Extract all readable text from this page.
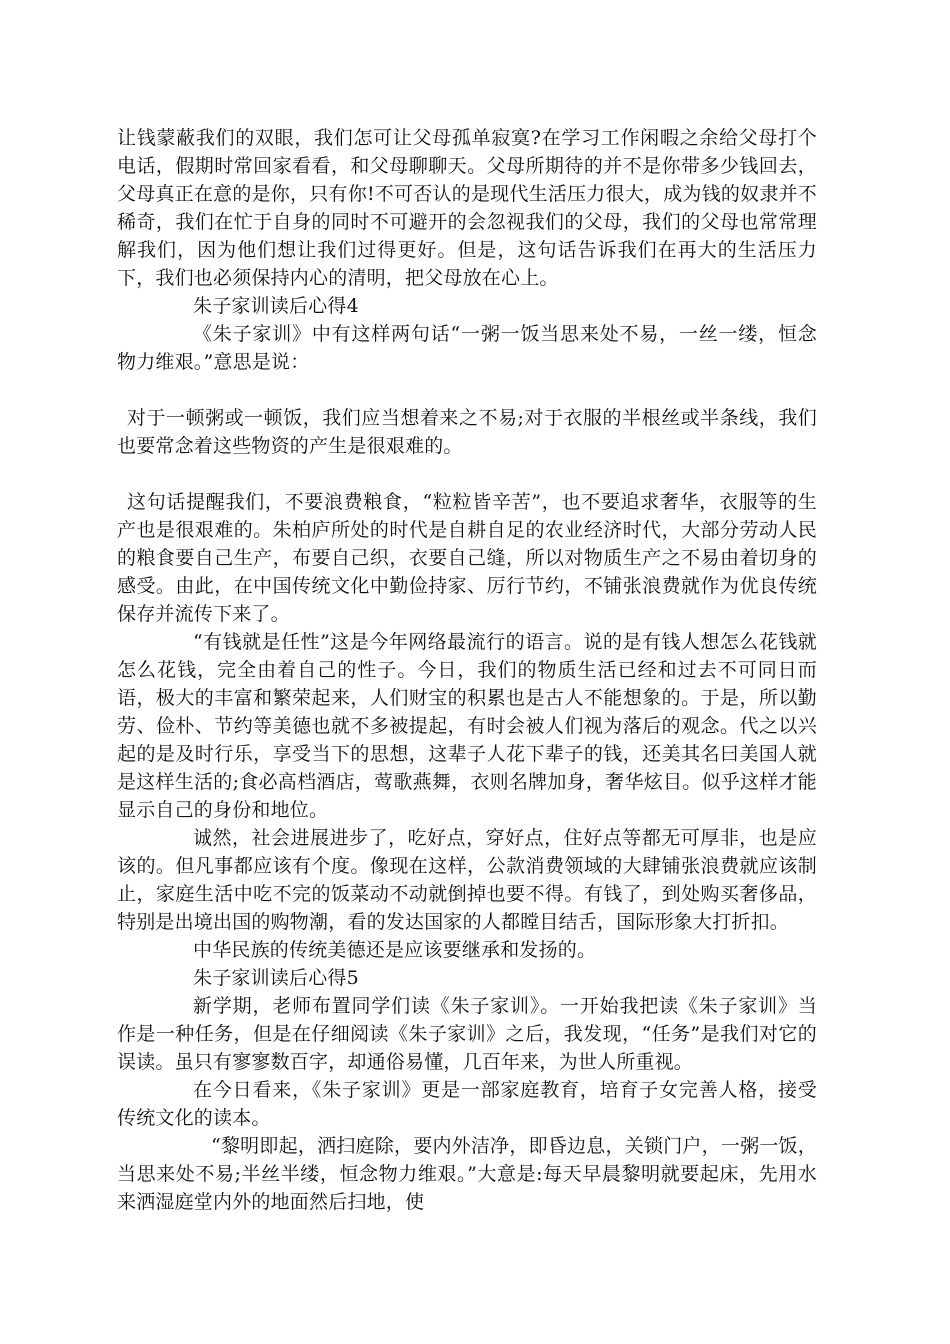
让钱蒙蔽我们的双眼，我们怎可让父母孤单寂寞?在学习工作闲暇之余给父母打个电话，假期时常回家看看，和父母聊聊天。父母所期待的并不是你带多少钱回去，父母真正在意的是你，只有你!不可否认的是现代生活压力很大，成为钱的奴隶并不稀奇，我们在忙于自身的同时不可避开的会忽视我们的父母，我们的父母也常常理解我们，因为他们想让我们过得更好。但是，这句话告诉我们在再大的生活压力下，我们也必须保持内心的清明，把父母放在心上。

朱子家训读后心得4

《朱子家训》中有这样两句话“一粥一饭当思来处不易，一丝一缕，恒念物力维艰。”意思是说：

对于一顿粥或一顿饭，我们应当想着来之不易;对于衣服的半根丝或半条线，我们也要常念着这些物资的产生是很艰难的。

这句话提醒我们，不要浪费粮食，“粒粒皆辛苦”，也不要追求奢华，衣服等的生产也是很艰难的。朱柏庐所处的时代是自耕自足的农业经济时代，大部分劳动人民的粮食要自己生产，布要自己织，衣要自己缝，所以对物质生产之不易由着切身的感受。由此，在中国传统文化中勤俭持家、厉行节约，不铺张浪费就作为优良传统保存并流传下来了。

“有钱就是任性”这是今年网络最流行的语言。说的是有钱人想怎么花钱就怎么花钱，完全由着自己的性子。今日，我们的物质生活已经和过去不可同日而语，极大的丰富和繁荣起来，人们财宝的积累也是古人不能想象的。于是，所以勤劳、俭朴、节约等美德也就不多被提起，有时会被人们视为落后的观念。代之以兴起的是及时行乐，享受当下的思想，这辈子人花下辈子的钱，还美其名曰美国人就是这样生活的;食必高档酒店，莺歌燕舞，衣则名牌加身，奢华炫目。似乎这样才能显示自己的身份和地位。

诚然，社会进展进步了，吃好点，穿好点，住好点等都无可厚非，也是应该的。但凡事都应该有个度。像现在这样，公款消费领域的大肆铺张浪费就应该制止，家庭生活中吃不完的饭菜动不动就倒掉也要不得。有钱了，到处购买奢侈品，特别是出境出国的购物潮，看的发达国家的人都瞠目结舌，国际形象大打折扣。

中华民族的传统美德还是应该要继承和发扬的。

朱子家训读后心得5

新学期，老师布置同学们读《朱子家训》。一开始我把读《朱子家训》当作是一种任务，但是在仔细阅读《朱子家训》之后，我发现，“任务”是我们对它的误读。虽只有寥寥数百字，却通俗易懂，几百年来，为世人所重视。

在今日看来，《朱子家训》更是一部家庭教育，培育子女完善人格，接受传统文化的读本。

“黎明即起，洒扫庭除，要内外洁净，即昏边息，关锁门户，一粥一饭，当思来处不易;半丝半缕，恒念物力维艰。”大意是:每天早晨黎明就要起床，先用水来洒湿庭堂内外的地面然后扫地，使
